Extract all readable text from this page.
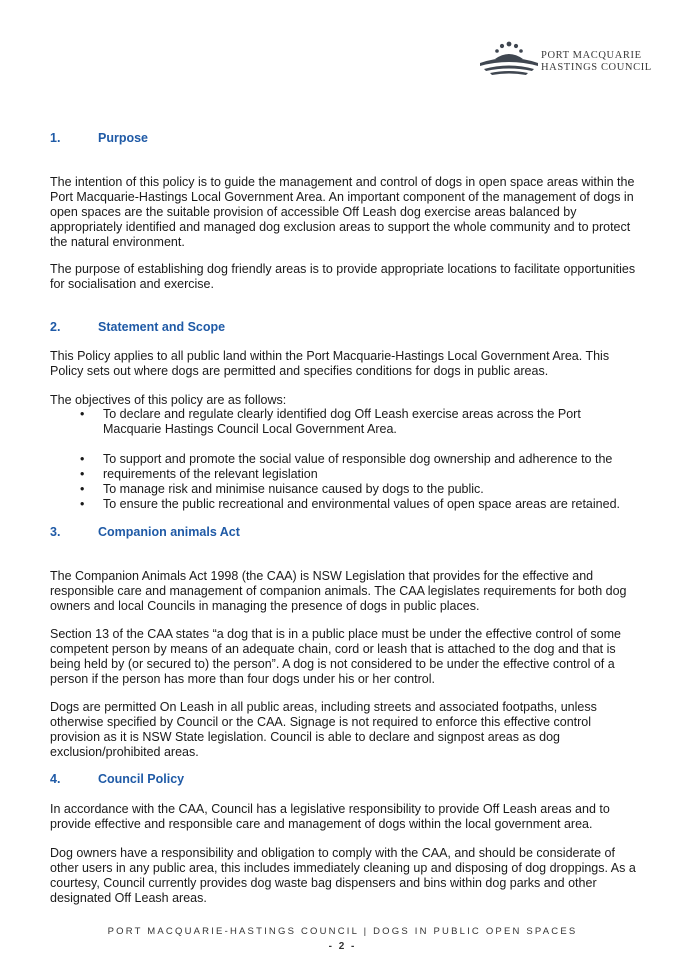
PORT MACQUARIE
HASTINGS COUNCIL
1.	Purpose

The intention of this policy is to guide the management and control of dogs in open space areas within the Port Macquarie-Hastings Local Government Area. An important component of the management of dogs in open spaces are the suitable provision of accessible Off Leash dog exercise areas balanced by appropriately identified and managed dog exclusion areas to support the whole community and to protect the natural environment.

The purpose of establishing dog friendly areas is to provide appropriate locations to facilitate opportunities for socialisation and exercise.

2.	Statement and Scope

This Policy applies to all public land within the Port Macquarie-Hastings Local Government Area. This Policy sets out where dogs are permitted and specifies conditions for dogs in public areas.

The objectives of this policy are as follows:

• To declare and regulate clearly identified dog Off Leash exercise areas across the Port Macquarie Hastings Council Local Government Area.
• To support and promote the social value of responsible dog ownership and adherence to the
• requirements of the relevant legislation
• To manage risk and minimise nuisance caused by dogs to the public.
• To ensure the public recreational and environmental values of open space areas are retained.
3.	Companion animals Act

The Companion Animals Act 1998 (the CAA) is NSW Legislation that provides for the effective and responsible care and management of companion animals. The CAA legislates requirements for both dog owners and local Councils in managing the presence of dogs in public places.

Section 13 of the CAA states “a dog that is in a public place must be under the effective control of some competent person by means of an adequate chain, cord or leash that is attached to the dog and that is being held by (or secured to) the person”. A dog is not considered to be under the effective control of a person if the person has more than four dogs under his or her control.

Dogs are permitted On Leash in all public areas, including streets and associated footpaths, unless otherwise specified by Council or the CAA. Signage is not required to enforce this effective control provision as it is NSW State legislation. Council is able to declare and signpost areas as dog exclusion/prohibited areas.

4.	Council Policy

In accordance with the CAA, Council has a legislative responsibility to provide Off Leash areas and to provide effective and responsible care and management of dogs within the local government area.

Dog owners have a responsibility and obligation to comply with the CAA, and should be considerate of other users in any public area, this includes immediately cleaning up and disposing of dog droppings. As a courtesy, Council currently provides dog waste bag dispensers and bins within dog parks and other designated Off Leash areas.

PORT MACQUARIE-HASTINGS COUNCIL | DOGS IN PUBLIC OPEN SPACES
- 2 -
